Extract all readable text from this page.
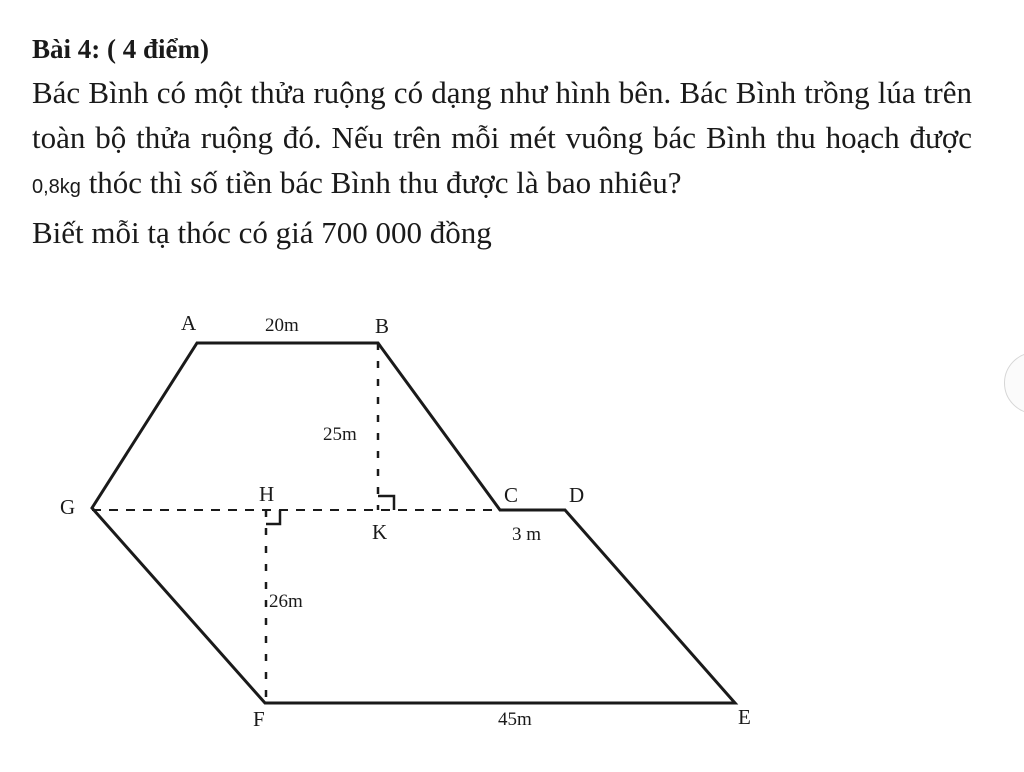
Bài 4: ( 4 điểm)

Bác Bình có một thửa ruộng có dạng như hình bên. Bác Bình trồng lúa trên toàn bộ thửa ruộng đó. Nếu trên mỗi mét vuông bác Bình thu hoạch được 0,8kg thóc thì số tiền bác Bình thu được là bao nhiêu?

Biết mỗi tạ thóc có giá 700 000 đồng

A	B
C D
E
F
G
H
K
20m
25m
3 m
26m
45m
